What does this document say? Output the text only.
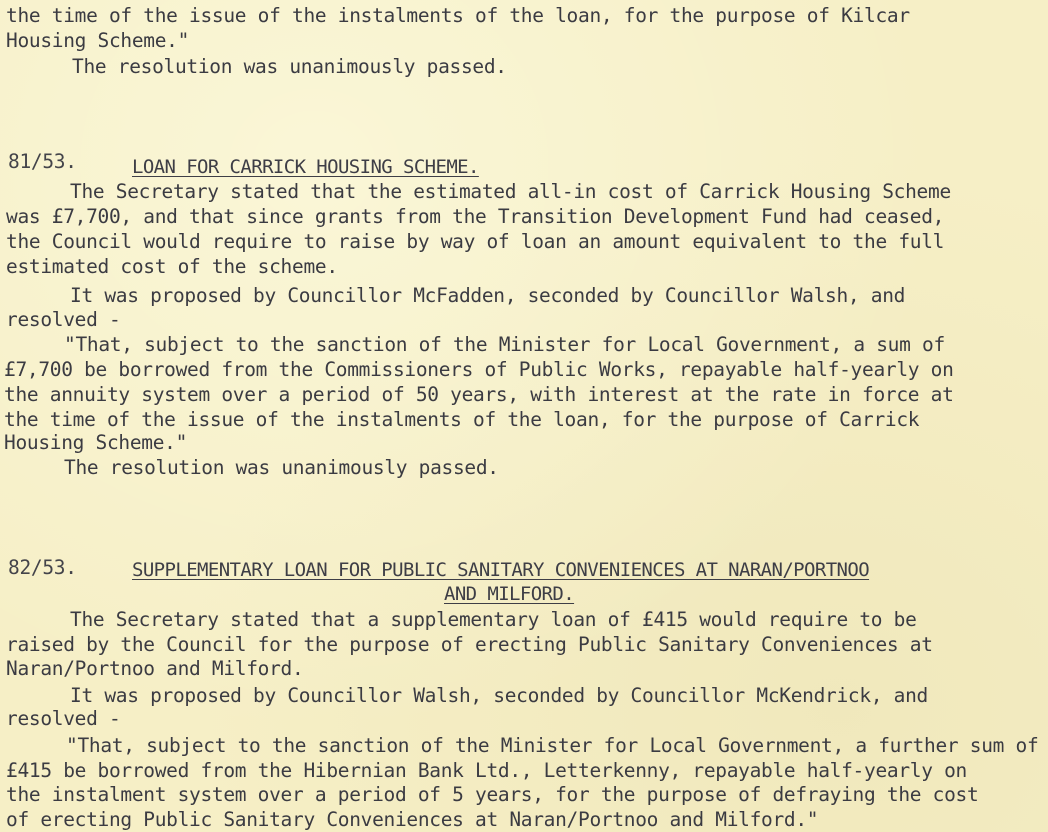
the time of the issue of the instalments of the loan, for the purpose of Kilcar
Housing Scheme."
The resolution was unanimously passed.
81/53.	LOAN FOR CARRICK HOUSING SCHEME.
The Secretary stated that the estimated all-in cost of Carrick Housing Scheme
was £7,700, and that since grants from the Transition Development Fund had ceased,
the Council would require to raise by way of loan an amount equivalent to the full
estimated cost of the scheme.
It was proposed by Councillor McFadden, seconded by Councillor Walsh, and
resolved -
"That, subject to the sanction of the Minister for Local Government, a sum of
£7,700 be borrowed from the Commissioners of Public Works, repayable half-yearly on
the annuity system over a period of 50 years, with interest at the rate in force at
the time of the issue of the instalments of the loan, for the purpose of Carrick
Housing Scheme."
The resolution was unanimously passed.
82/53.	SUPPLEMENTARY LOAN FOR PUBLIC SANITARY CONVENIENCES AT NARAN/PORTNOO
AND MILFORD.
The Secretary stated that a supplementary loan of £415 would require to be
raised by the Council for the purpose of erecting Public Sanitary Conveniences at
Naran/Portnoo and Milford.
It was proposed by Councillor Walsh, seconded by Councillor McKendrick, and
resolved -
"That, subject to the sanction of the Minister for Local Government, a further sum of
£415 be borrowed from the Hibernian Bank Ltd., Letterkenny, repayable half-yearly on
the instalment system over a period of 5 years, for the purpose of defraying the cost
of erecting Public Sanitary Conveniences at Naran/Portnoo and Milford."
